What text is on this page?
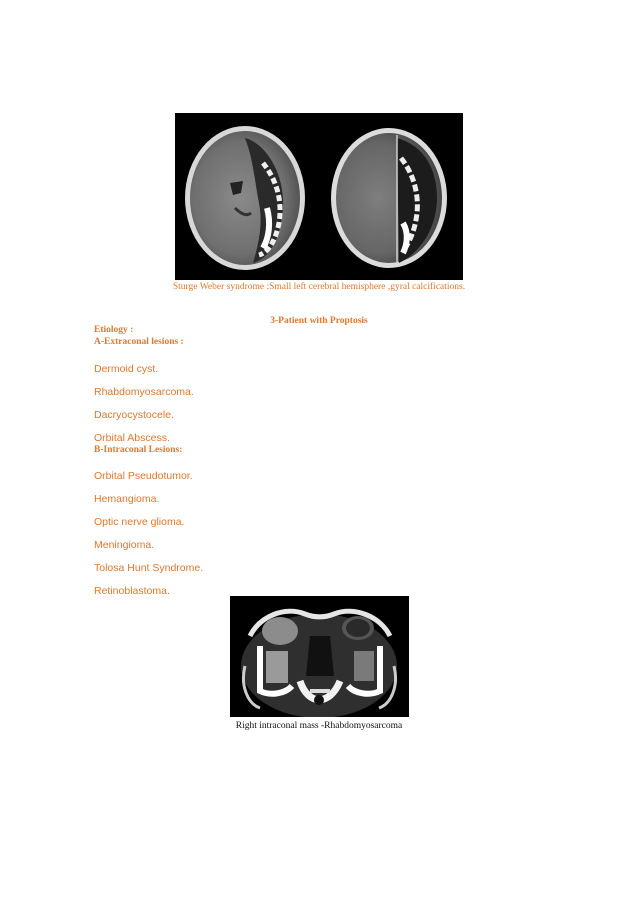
Sturge Weber syndrome :Small left cerebral hemisphere ,gyral calcifications.
3-Patient with Proptosis
Etiology :
A-Extraconal lesions :
Dermoid cyst.
Rhabdomyosarcoma.
Dacryocystocele.
Orbital Abscess.
B-Intraconal Lesions:
Orbital Pseudotumor.
Hemangioma.
Optic nerve glioma.
Meningioma.
Tolosa Hunt Syndrome.
Retinoblastoma.
Right intraconal mass -Rhabdomyosarcoma
